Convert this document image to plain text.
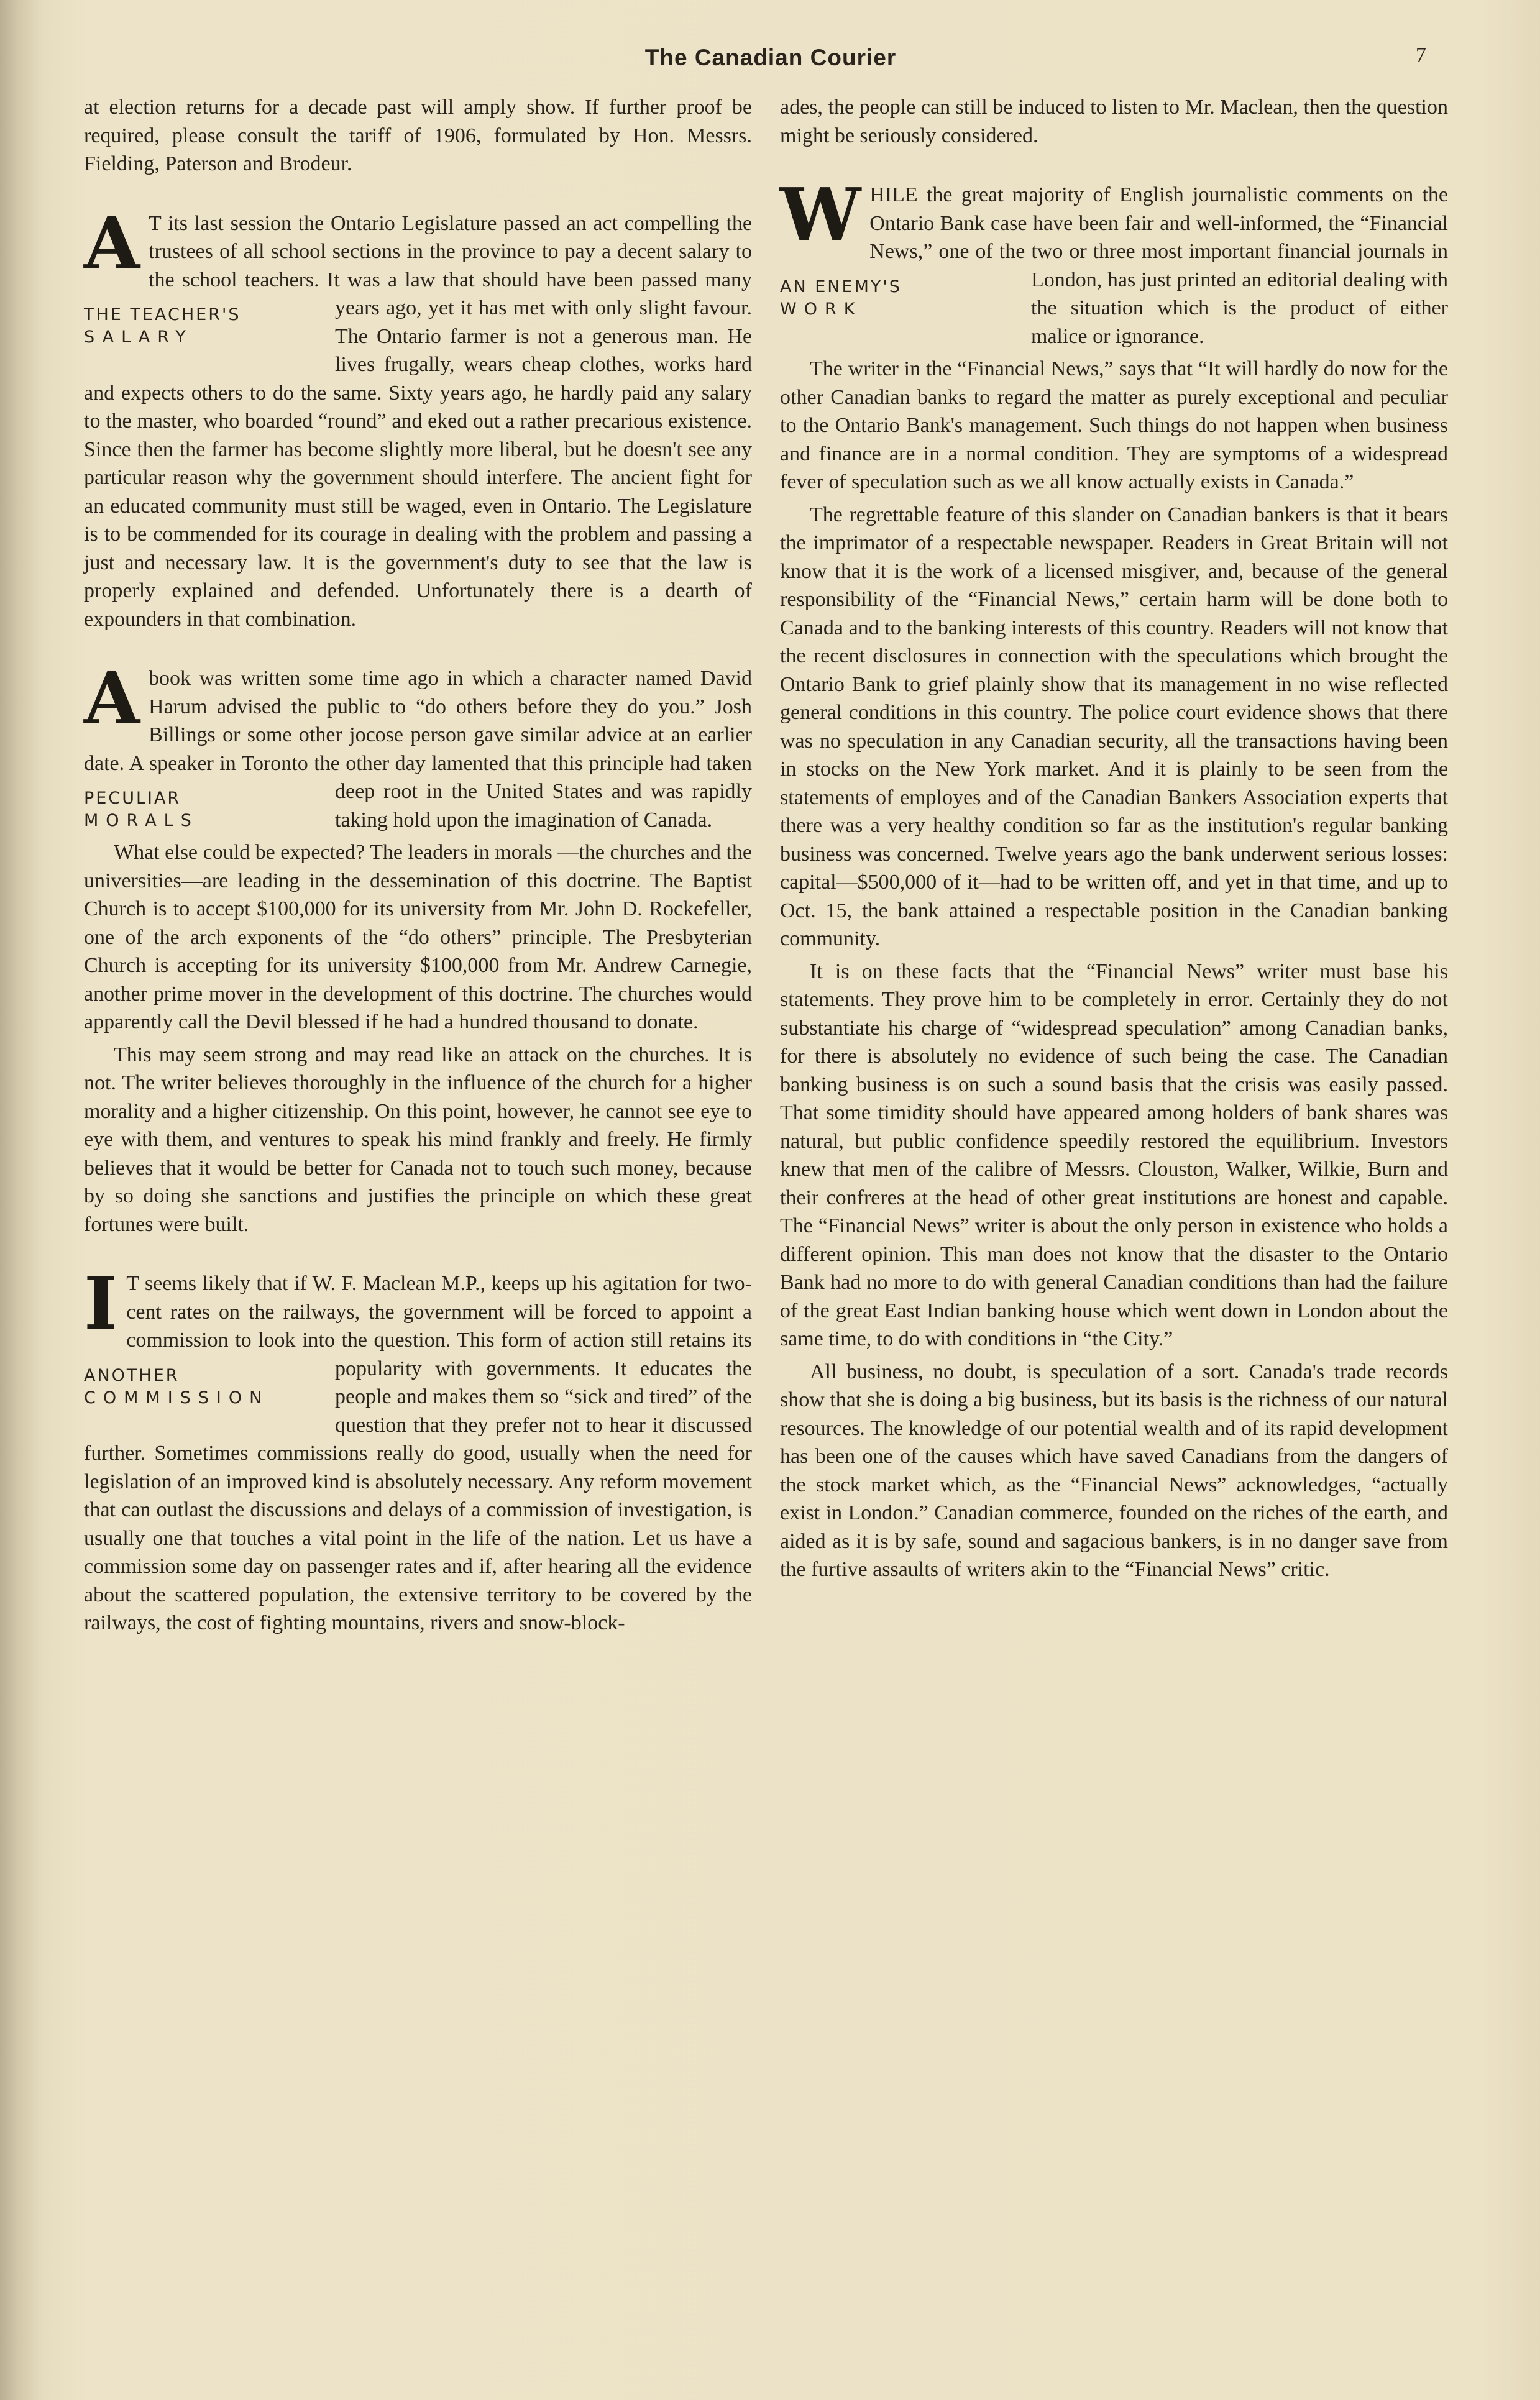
The Canadian Courier	7

at election returns for a decade past will amply show. If further proof be required, please consult the tariff of 1906, formulated by Hon. Messrs. Fielding, Paterson and Brodeur.

A T its last session the Ontario Legislature passed an act compelling the trustees of all school sections in the province to pay a decent salary to the school teachers. It was a law that should have been passed many years ago, yet it has met with only slight favour.
THE TEACHER'S
SALARY	The Ontario farmer is not a generous man. He lives frugally, wears cheap clothes, works hard and expects others to do the same. Sixty years ago, he hardly paid any salary to the master, who boarded “round” and eked out a rather precarious existence. Since then the farmer has become slightly more liberal, but he doesn't see any particular reason why the government should interfere. The ancient fight for an educated community must still be waged, even in Ontario. The Legislature is to be commended for its courage in dealing with the problem and passing a just and necessary law. It is the government's duty to see that the law is properly explained and defended. Unfortunately there is a dearth of expounders in that combination.

Abook was written some time ago in which a character named David Harum advised the public to “do others before they do you.” Josh Billings or some other jocose person gave similar advice at an earlier date. A speaker in Toronto the other day lamented that this principle
PECULIAR
MORALS
had taken deep root in the United States and was rapidly taking hold upon the imagination of Canada.

What else could be expected? The leaders in morals —the churches and the universities—are leading in the dessemination of this doctrine. The Baptist Church is to accept $100,000 for its university from Mr. John D. Rockefeller, one of the arch exponents of the “do others” principle. The Presbyterian Church is accepting for its university $100,000 from Mr. Andrew Carnegie, another prime mover in the development of this doctrine. The churches would apparently call the Devil blessed if he had a hundred thousand to donate.

This may seem strong and may read like an attack on the churches. It is not. The writer believes thoroughly in the influence of the church for a higher morality and a higher citizenship. On this point, however, he cannot see eye to eye with them, and ventures to speak his mind frankly and freely. He firmly believes that it would be better for Canada not to touch such money, because by so doing she sanctions and justifies the principle on which these great fortunes were built.

I T seems likely that if W. F. Maclean M.P., keeps up his agitation for two-cent rates on the railways, the government will be forced to appoint a commission to look into the question. This form of action still retains its popularity with governments.
ANOTHER
COMMISSION
It educates the people and makes them so “sick and tired” of the question that they prefer not to hear it discussed further. Sometimes commissions really do good, usually when the need for legislation of an improved kind is absolutely necessary. Any reform movement that can outlast the discussions and delays of a commission of investigation, is usually one that touches a vital point in the life of the nation. Let us have a commission some day on passenger rates and if, after hearing all the evidence about the scattered population, the extensive territory to be covered by the railways, the cost of fighting mountains, rivers and snow-block-

ades, the people can still be induced to listen to Mr. Maclean, then the question might be seriously considered.

WHILE the great majority of English journalistic comments on the Ontario Bank case have been fair and well-informed, the “Financial News,” one of the two or three most important financial journals in London, has just printed an editorial dealing
AN ENEMY'S
WORK
with the situation which is the product of either malice or ignorance.

The writer in the “Financial News,” says that “It will hardly do now for the other Canadian banks to regard the matter as purely exceptional and peculiar to the Ontario Bank's management. Such things do not happen when business and finance are in a normal condition. They are symptoms of a widespread fever of speculation such as we all know actually exists in Canada.”

The regrettable feature of this slander on Canadian bankers is that it bears the imprimator of a respectable newspaper. Readers in Great Britain will not know that it is the work of a licensed misgiver, and, because of the general responsibility of the “Financial News,” certain harm will be done both to Canada and to the banking interests of this country. Readers will not know that the recent disclosures in connection with the speculations which brought the Ontario Bank to grief plainly show that its management in no wise reflected general conditions in this country. The police court evidence shows that there was no speculation in any Canadian security, all the transactions having been in stocks on the New York market. And it is plainly to be seen from the statements of employes and of the Canadian Bankers Association experts that there was a very healthy condition so far as the institution's regular banking business was concerned. Twelve years ago the bank underwent serious losses: capital—$500,000 of it—had to be written off, and yet in that time, and up to Oct. 15, the bank attained a respectable position in the Canadian banking community.

It is on these facts that the “Financial News” writer must base his statements. They prove him to be completely in error. Certainly they do not substantiate his charge of “widespread speculation” among Canadian banks, for there is absolutely no evidence of such being the case. The Canadian banking business is on such a sound basis that the crisis was easily passed. That some timidity should have appeared among holders of bank shares was natural, but public confidence speedily restored the equilibrium. Investors knew that men of the calibre of Messrs. Clouston, Walker, Wilkie, Burn and their confreres at the head of other great institutions are honest and capable. The “Financial News” writer is about the only person in existence who holds a different opinion. This man does not know that the disaster to the Ontario Bank had no more to do with general Canadian conditions than had the failure of the great East Indian banking house which went down in London about the same time, to do with conditions in “the City.”

All business, no doubt, is speculation of a sort. Canada's trade records show that she is doing a big business, but its basis is the richness of our natural resources. The knowledge of our potential wealth and of its rapid development has been one of the causes which have saved Canadians from the dangers of the stock market which, as the “Financial News” acknowledges, “actually exist in London.” Canadian commerce, founded on the riches of the earth, and aided as it is by safe, sound and sagacious bankers, is in no danger save from the furtive assaults of writers akin to the “Financial News” critic.
